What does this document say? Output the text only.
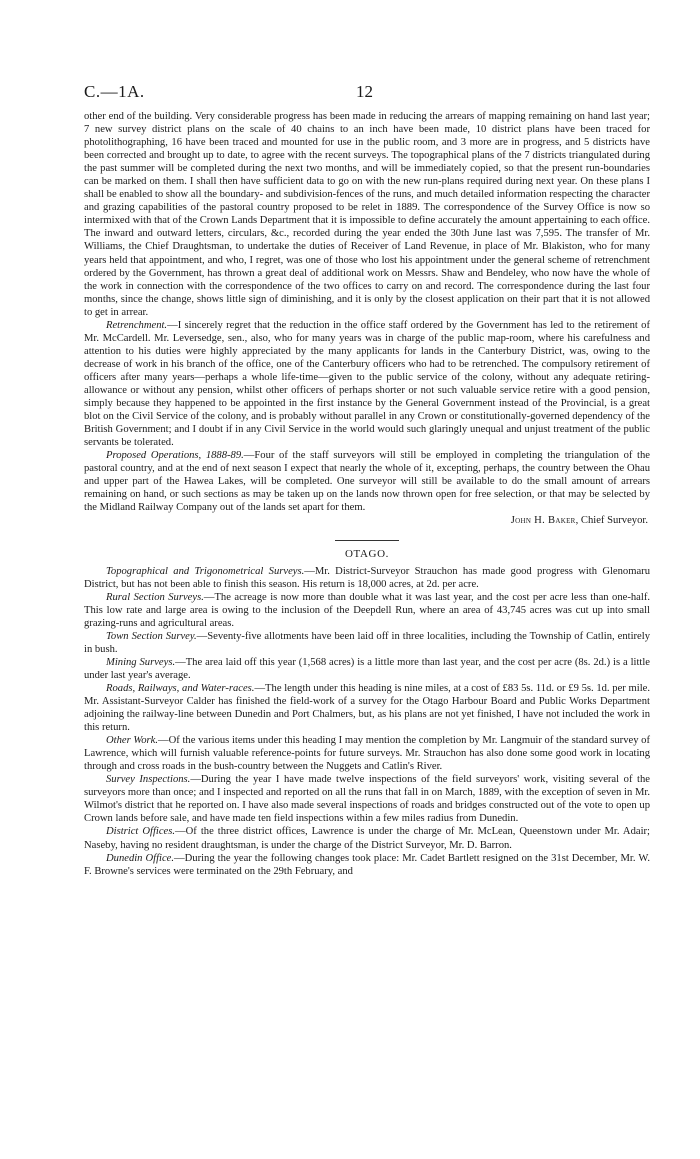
C.—1A.	12

other end of the building. Very considerable progress has been made in reducing the arrears of mapping remaining on hand last year; 7 new survey district plans on the scale of 40 chains to an inch have been made, 10 district plans have been traced for photolithographing, 16 have been traced and mounted for use in the public room, and 3 more are in progress, and 5 districts have been corrected and brought up to date, to agree with the recent surveys. The topographical plans of the 7 districts triangulated during the past summer will be completed during the next two months, and will be immediately copied, so that the present run-boundaries can be marked on them. I shall then have sufficient data to go on with the new run-plans required during next year. On these plans I shall be enabled to show all the boundary- and subdivision-fences of the runs, and much detailed information respecting the character and grazing capabilities of the pastoral country proposed to be relet in 1889. The correspondence of the Survey Office is now so intermixed with that of the Crown Lands Department that it is impossible to define accurately the amount appertaining to each office. The inward and outward letters, circulars, &c., recorded during the year ended the 30th June last was 7,595. The transfer of Mr. Williams, the Chief Draughtsman, to undertake the duties of Receiver of Land Revenue, in place of Mr. Blakiston, who for many years held that appointment, and who, I regret, was one of those who lost his appointment under the general scheme of retrenchment ordered by the Government, has thrown a great deal of additional work on Messrs. Shaw and Bendeley, who now have the whole of the work in connection with the correspondence of the two offices to carry on and record. The correspondence during the last four months, since the change, shows little sign of diminishing, and it is only by the closest application on their part that it is not allowed to get in arrear.

Retrenchment.—I sincerely regret that the reduction in the office staff ordered by the Government has led to the retirement of Mr. McCardell. Mr. Leversedge, sen., also, who for many years was in charge of the public map-room, where his carefulness and attention to his duties were highly appreciated by the many applicants for lands in the Canterbury District, was, owing to the decrease of work in his branch of the office, one of the Canterbury officers who had to be retrenched. The compulsory retirement of officers after many years—perhaps a whole life-time—given to the public service of the colony, without any adequate retiring-allowance or without any pension, whilst other officers of perhaps shorter or not such valuable service retire with a good pension, simply because they happened to be appointed in the first instance by the General Government instead of the Provincial, is a great blot on the Civil Service of the colony, and is probably without parallel in any Crown or constitutionally-governed dependency of the British Government; and I doubt if in any Civil Service in the world would such glaringly unequal and unjust treatment of the public servants be tolerated.

Proposed Operations, 1888-89.—Four of the staff surveyors will still be employed in completing the triangulation of the pastoral country, and at the end of next season I expect that nearly the whole of it, excepting, perhaps, the country between the Ohau and upper part of the Hawea Lakes, will be completed. One surveyor will still be available to do the small amount of arrears remaining on hand, or such sections as may be taken up on the lands now thrown open for free selection, or that may be selected by the Midland Railway Company out of the lands set apart for them.

John H. Baker, Chief Surveyor.

OTAGO.

Topographical and Trigonometrical Surveys.—Mr. District-Surveyor Strauchon has made good progress with Glenomaru District, but has not been able to finish this season. His return is 18,000 acres, at 2d. per acre.

Rural Section Surveys.—The acreage is now more than double what it was last year, and the cost per acre less than one-half. This low rate and large area is owing to the inclusion of the Deepdell Run, where an area of 43,745 acres was cut up into small grazing-runs and agricultural areas.

Town Section Survey.—Seventy-five allotments have been laid off in three localities, including the Township of Catlin, entirely in bush.

Mining Surveys.—The area laid off this year (1,568 acres) is a little more than last year, and the cost per acre (8s. 2d.) is a little under last year's average.

Roads, Railways, and Water-races.—The length under this heading is nine miles, at a cost of £83 5s. 11d. or £9 5s. 1d. per mile. Mr. Assistant-Surveyor Calder has finished the field-work of a survey for the Otago Harbour Board and Public Works Department adjoining the railway-line between Dunedin and Port Chalmers, but, as his plans are not yet finished, I have not included the work in this return.

Other Work.—Of the various items under this heading I may mention the completion by Mr. Langmuir of the standard survey of Lawrence, which will furnish valuable reference-points for future surveys. Mr. Strauchon has also done some good work in locating through and cross roads in the bush-country between the Nuggets and Catlin's River.

Survey Inspections.—During the year I have made twelve inspections of the field surveyors' work, visiting several of the surveyors more than once; and I inspected and reported on all the runs that fall in on March, 1889, with the exception of seven in Mr. Wilmot's district that he reported on. I have also made several inspections of roads and bridges constructed out of the vote to open up Crown lands before sale, and have made ten field inspections within a few miles radius from Dunedin.

District Offices.—Of the three district offices, Lawrence is under the charge of Mr. McLean, Queenstown under Mr. Adair; Naseby, having no resident draughtsman, is under the charge of the District Surveyor, Mr. D. Barron.

Dunedin Office.—During the year the following changes took place: Mr. Cadet Bartlett resigned on the 31st December, Mr. W. F. Browne's services were terminated on the 29th February, and
